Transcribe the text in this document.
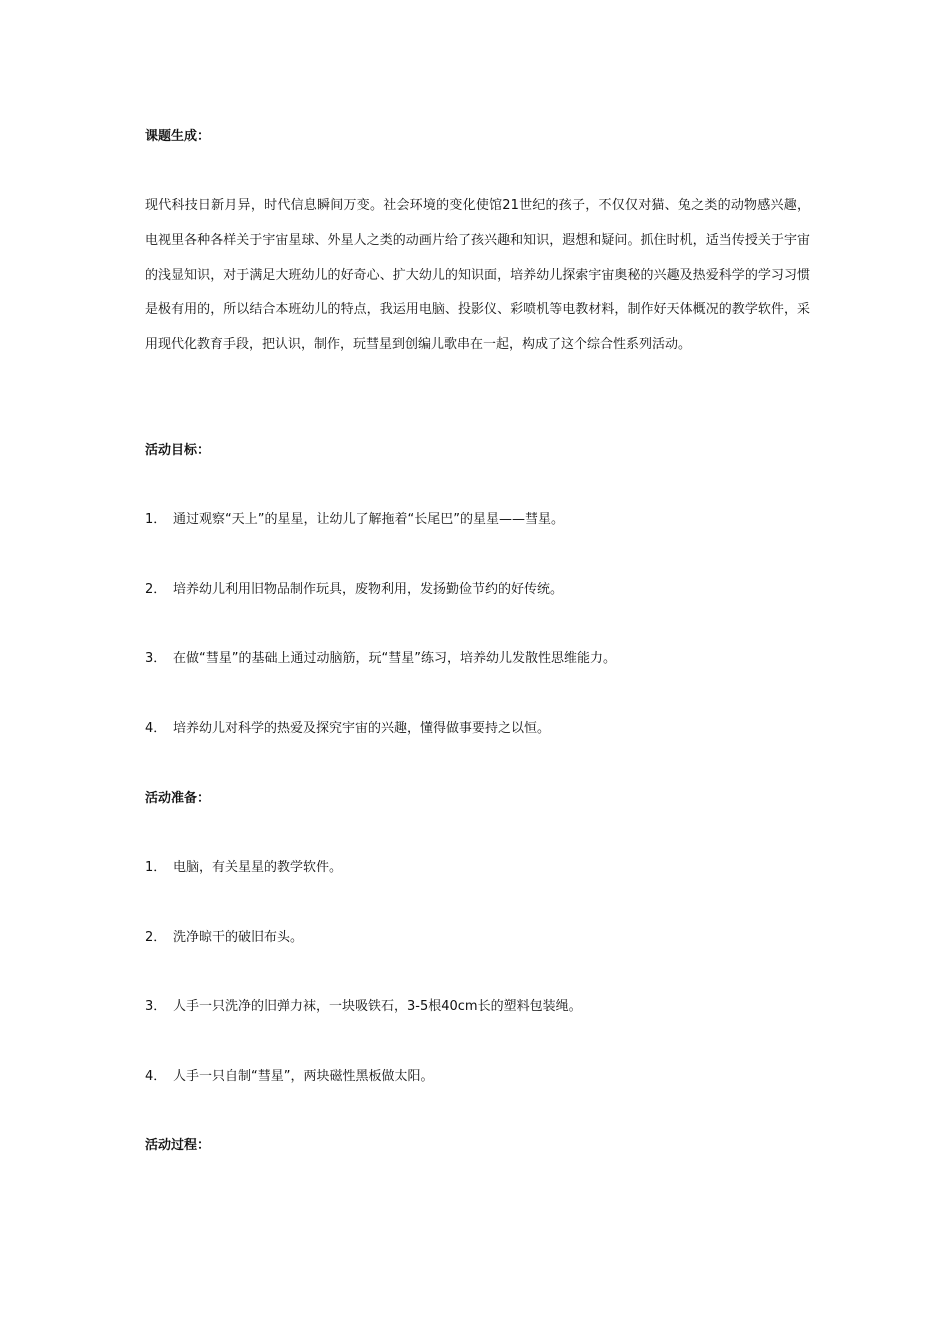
课题生成：
现代科技日新月异，时代信息瞬间万变。社会环境的变化使馆21世纪的孩子，不仅仅对猫、兔之类的动物感兴趣，电视里各种各样关于宇宙星球、外星人之类的动画片给了孩兴趣和知识，遐想和疑问。抓住时机，适当传授关于宇宙的浅显知识，对于满足大班幼儿的好奇心、扩大幼儿的知识面，培养幼儿探索宇宙奥秘的兴趣及热爱科学的学习习惯是极有用的，所以结合本班幼儿的特点，我运用电脑、投影仪、彩喷机等电教材料，制作好天体概况的教学软件，采用现代化教育手段，把认识，制作，玩彗星到创编儿歌串在一起，构成了这个综合性系列活动。
活动目标：
1． 通过观察“天上”的星星，让幼儿了解拖着“长尾巴”的星星——彗星。
2． 培养幼儿利用旧物品制作玩具，废物利用，发扬勤俭节约的好传统。
3． 在做“彗星”的基础上通过动脑筋，玩“彗星”练习，培养幼儿发散性思维能力。
4． 培养幼儿对科学的热爱及探究宇宙的兴趣，懂得做事要持之以恒。
活动准备：
1． 电脑，有关星星的教学软件。
2． 洗净晾干的破旧布头。
3． 人手一只洗净的旧弹力袜，一块吸铁石，3-5根40cm长的塑料包装绳。
4． 人手一只自制“彗星”，两块磁性黑板做太阳。
活动过程：
